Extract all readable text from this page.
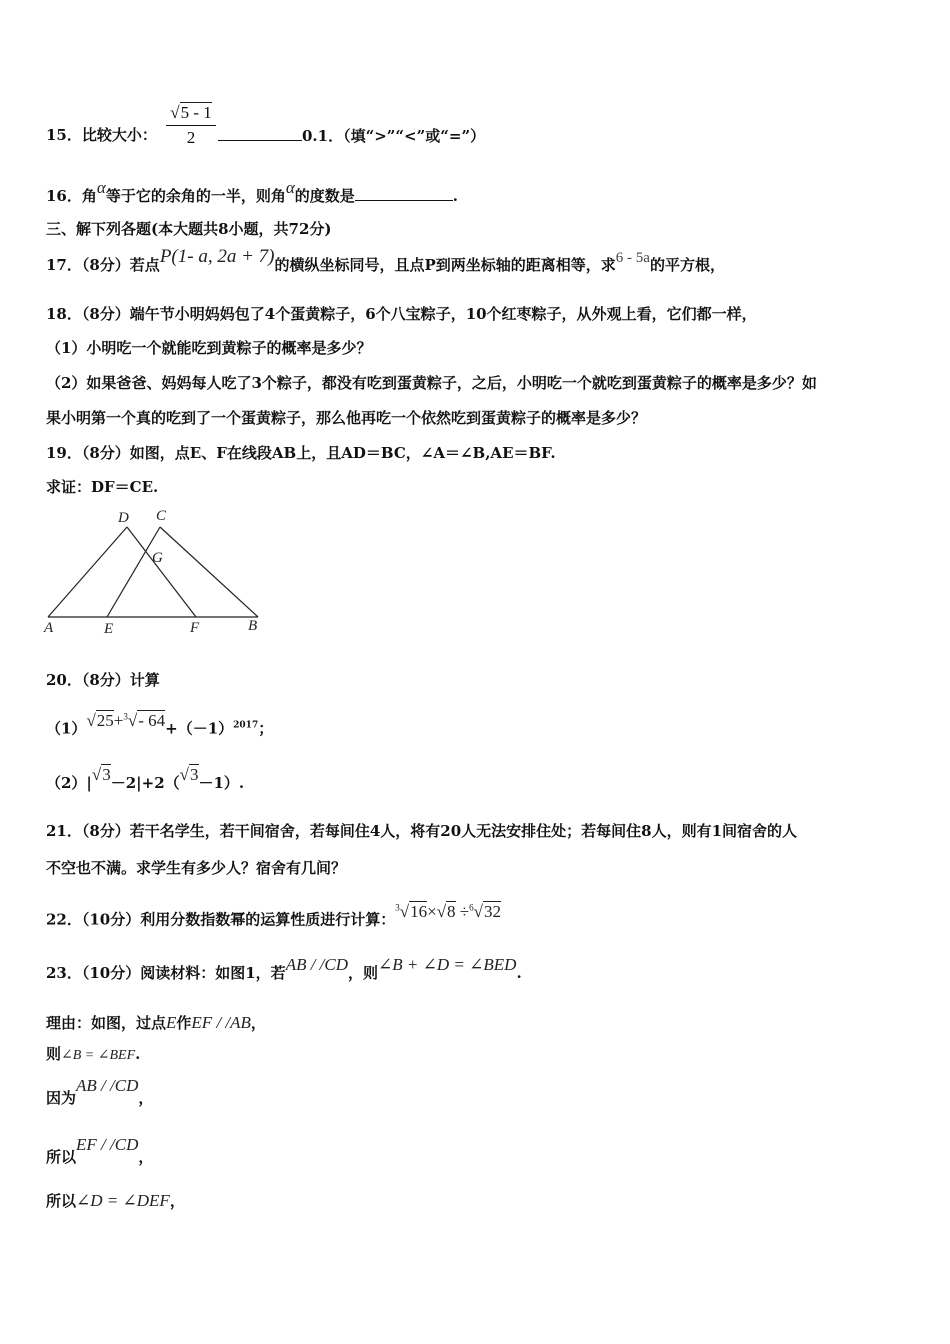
15．比较大小： $\frac{√5 - 1}{2}$	0.1．（填“>”“<”或“=”）
16．角α等于它的余角的一半，则角α的度数是	.
三、解下列各题(本大题共8小题，共72分)
17．（8分）若点P(1- a, 2a + 7)的横纵坐标同号，且点P到两坐标轴的距离相等，求6 - 5a的平方根，
18．（8分）端午节小明妈妈包了4个蛋黄粽子，6个八宝粽子，10个红枣粽子，从外观上看，它们都一样，
（1）小明吃一个就能吃到黄粽子的概率是多少？
（2）如果爸爸、妈妈每人吃了3个粽子，都没有吃到蛋黄粽子，之后，小明吃一个就吃到蛋黄粽子的概率是多少？如
果小明第一个真的吃到了一个蛋黄粽子，那么他再吃一个依然吃到蛋黄粽子的概率是多少？
19．（8分）如图，点E、F在线段AB上，且AD＝BC，∠A＝∠B,AE＝BF.
求证：DF＝CE.
D C
G
A	E	F	B
20．（8分）计算
（1）√25+$^3$√- $64+(-1)^{2017}$；
（2）|√3－2|+2（√3－1）.
21．（8分）若干名学生，若干间宿舍，若每间住4人，将有20人无法安排住处；若每间住8人，则有1间宿舍的人
不空也不满。求学生有多少人？宿舍有几间？
22．（10分）利用分数指数幂的运算性质进行计算：$^3$√16×√8 ÷$^6$√32
23．（10分）阅读材料：如图1，若AB / /CD，则∠B + ∠D = ∠BED.
理由：如图，过点E作EF / /AB，
则∠B = ∠BEF.
因为AB / /CD，
所以EF / /CD，
所以∠D = ∠DEF，
